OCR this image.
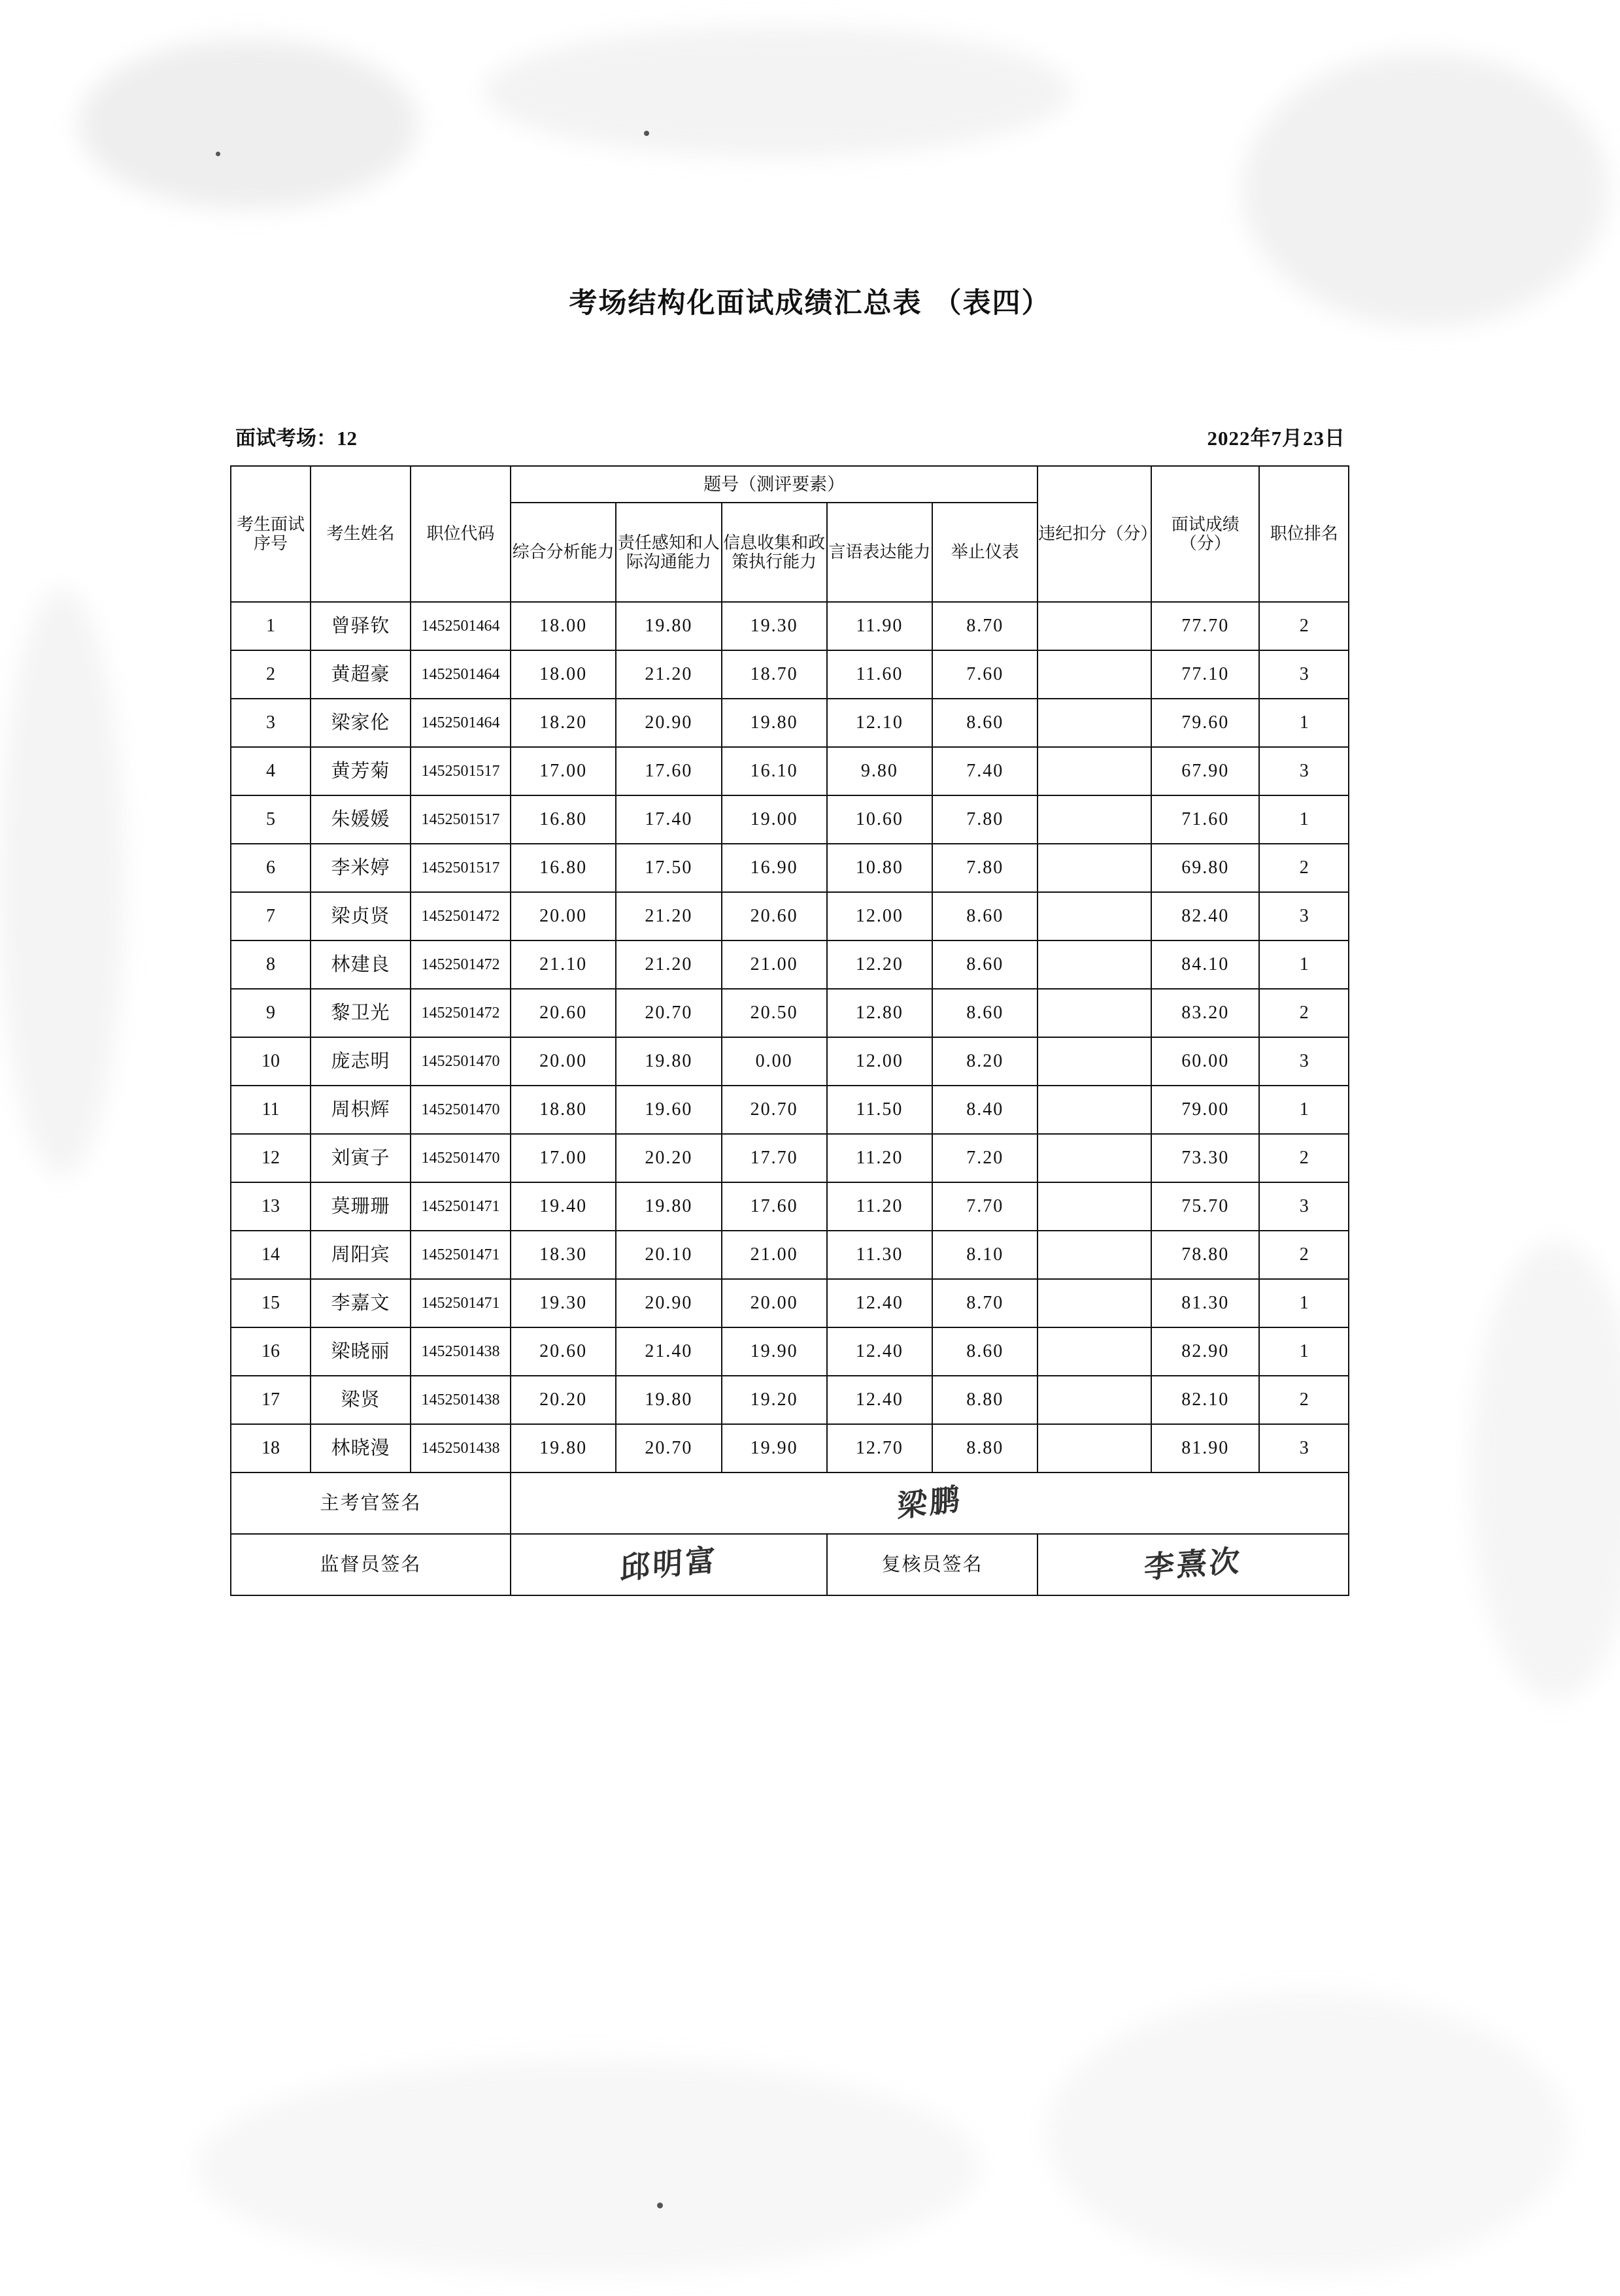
考场结构化面试成绩汇总表 （表四）
面试考场：12	2022年7月23日
考生面试序号	考生姓名	职位代码	题号（测评要素）					违纪扣分（分）	面试成绩（分）	职位排名
			综合分析能力	责任感知和人际沟通能力	信息收集和政策执行能力	言语表达能力	举止仪表			
1	曾驿钦	1452501464	18.00	19.80	19.30	11.90	8.70		77.70	2
2	黄超豪	1452501464	18.00	21.20	18.70	11.60	7.60		77.10	3
3	梁家伦	1452501464	18.20	20.90	19.80	12.10	8.60		79.60	1
4	黄芳菊	1452501517	17.00	17.60	16.10	9.80	7.40		67.90	3
5	朱媛媛	1452501517	16.80	17.40	19.00	10.60	7.80		71.60	1
6	李米婷	1452501517	16.80	17.50	16.90	10.80	7.80		69.80	2
7	梁贞贤	1452501472	20.00	21.20	20.60	12.00	8.60		82.40	3
8	林建良	1452501472	21.10	21.20	21.00	12.20	8.60		84.10	1
9	黎卫光	1452501472	20.60	20.70	20.50	12.80	8.60		83.20	2
10	庞志明	1452501470	20.00	19.80	0.00	12.00	8.20		60.00	3
11	周枳辉	1452501470	18.80	19.60	20.70	11.50	8.40		79.00	1
12	刘寅子	1452501470	17.00	20.20	17.70	11.20	7.20		73.30	2
13	莫珊珊	1452501471	19.40	19.80	17.60	11.20	7.70		75.70	3
14	周阳宾	1452501471	18.30	20.10	21.00	11.30	8.10		78.80	2
15	李嘉文	1452501471	19.30	20.90	20.00	12.40	8.70		81.30	1
16	梁晓丽	1452501438	20.60	21.40	19.90	12.40	8.60		82.90	1
17	梁贤	1452501438	20.20	19.80	19.20	12.40	8.80		82.10	2
18	林晓漫	1452501438	19.80	20.70	19.90	12.70	8.80		81.90	3
主考官签名			梁鹏							
监督员签名			邱明富			复核员签名		李熹次		
